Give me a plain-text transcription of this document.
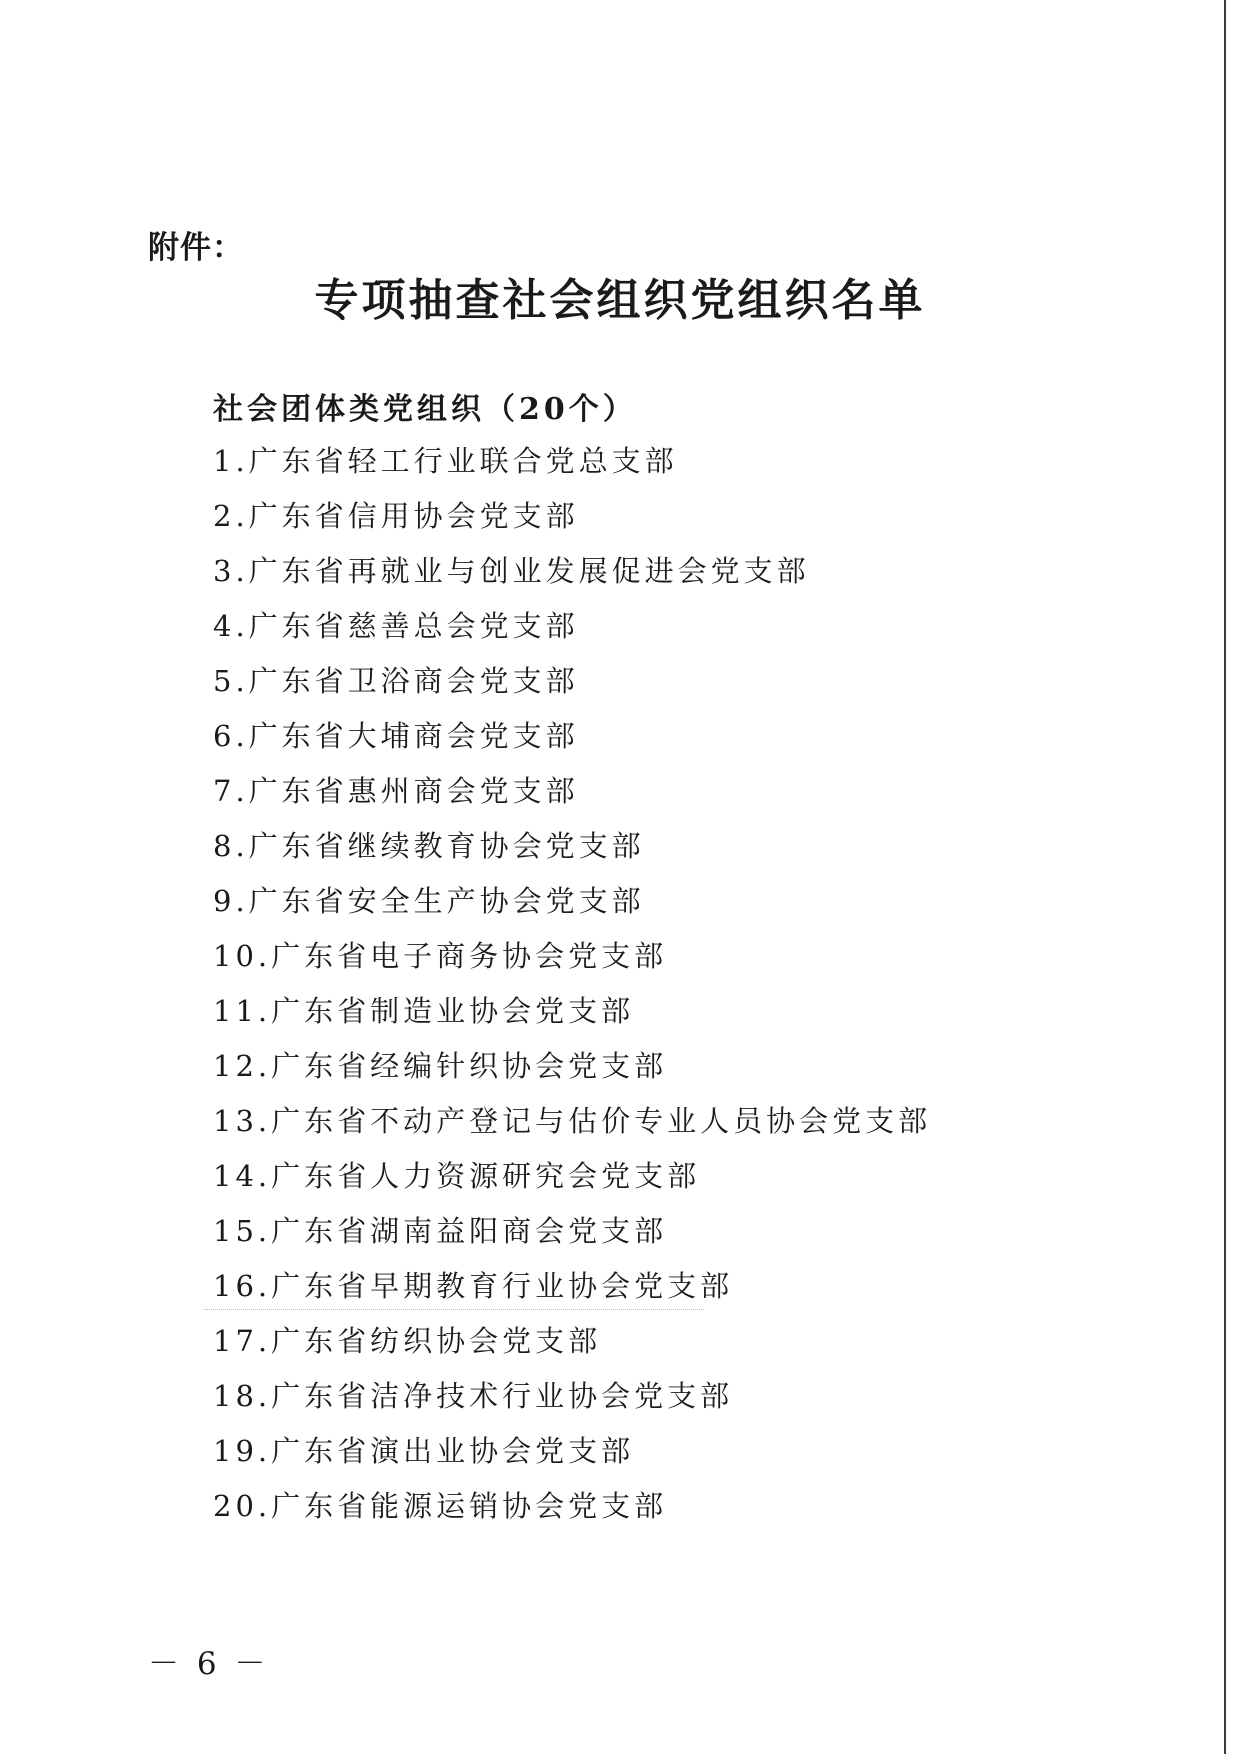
附件：
专项抽查社会组织党组织名单
社会团体类党组织（20个）
1.广东省轻工行业联合党总支部
2.广东省信用协会党支部
3.广东省再就业与创业发展促进会党支部
4.广东省慈善总会党支部
5.广东省卫浴商会党支部
6.广东省大埔商会党支部
7.广东省惠州商会党支部
8.广东省继续教育协会党支部
9.广东省安全生产协会党支部
10.广东省电子商务协会党支部
11.广东省制造业协会党支部
12.广东省经编针织协会党支部
13.广东省不动产登记与估价专业人员协会党支部
14.广东省人力资源研究会党支部
15.广东省湖南益阳商会党支部
16.广东省早期教育行业协会党支部
17.广东省纺织协会党支部
18.广东省洁净技术行业协会党支部
19.广东省演出业协会党支部
20.广东省能源运销协会党支部
－ 6 －
